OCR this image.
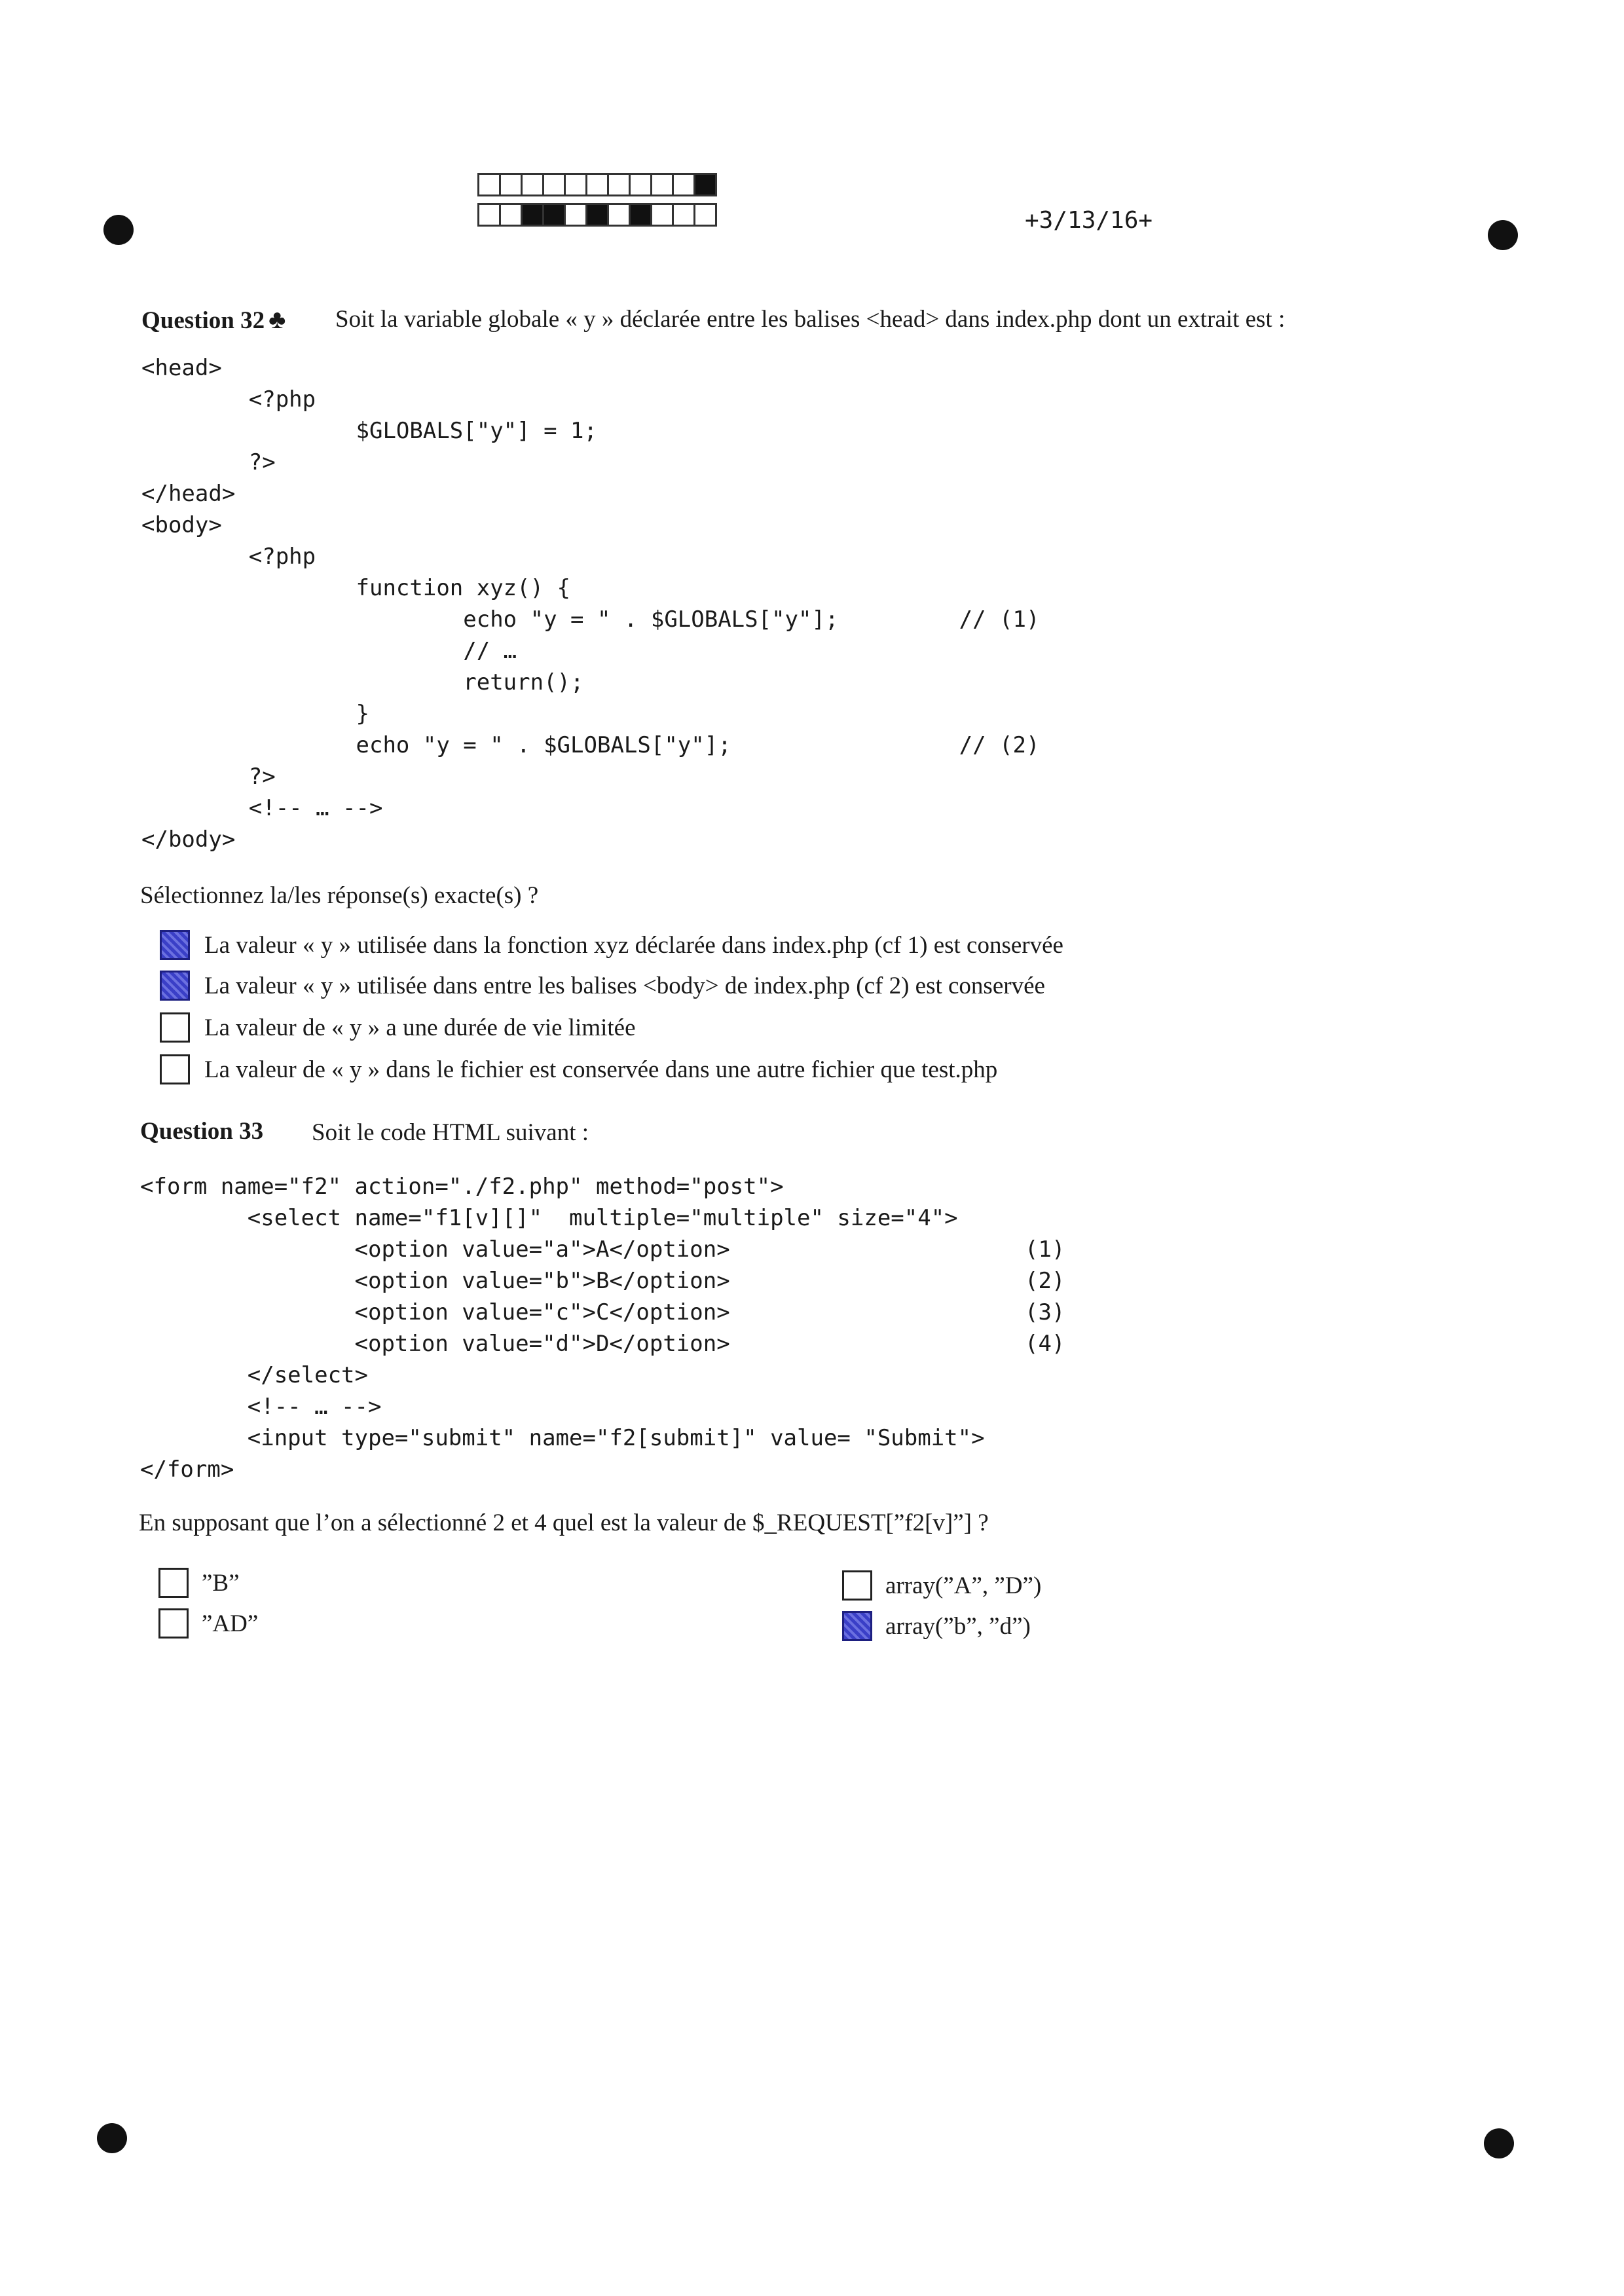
+3/13/16+
Question 32 ♣ Soit la variable globale « y » déclarée entre les balises <head> dans index.php dont un extrait est :
<head>
<?php
$GLOBALS["y"] = 1;
?>
</head>
<body>
<?php
function xyz() {
echo "y = " . $GLOBALS["y"];         // (1)
// …
return();
}
echo "y = " . $GLOBALS["y"];                 // (2)
?>
<!-- … -->
</body>
Sélectionnez la/les réponse(s) exacte(s) ?
La valeur « y » utilisée dans la fonction xyz déclarée dans index.php (cf 1) est conservée
La valeur « y » utilisée dans entre les balises <body> de index.php (cf 2) est conservée
La valeur de « y » a une durée de vie limitée
La valeur de « y » dans le fichier est conservée dans une autre fichier que test.php
Question 33 Soit le code HTML suivant :
<form name="f2" action="./f2.php" method="post">
<select name="f1[v][]"  multiple="multiple" size="4">
<option value="a">A</option>                      (1)
<option value="b">B</option>                      (2)
<option value="c">C</option>                      (3)
<option value="d">D</option>                      (4)
</select>
<!-- … -->
<input type="submit" name="f2[submit]" value= "Submit">
</form>
En supposant que l’on a sélectionné 2 et 4 quel est la valeur de $_REQUEST[”f2[v]”] ?
”B”
”AD”
array(”A”, ”D”)
array(”b”, ”d”)
